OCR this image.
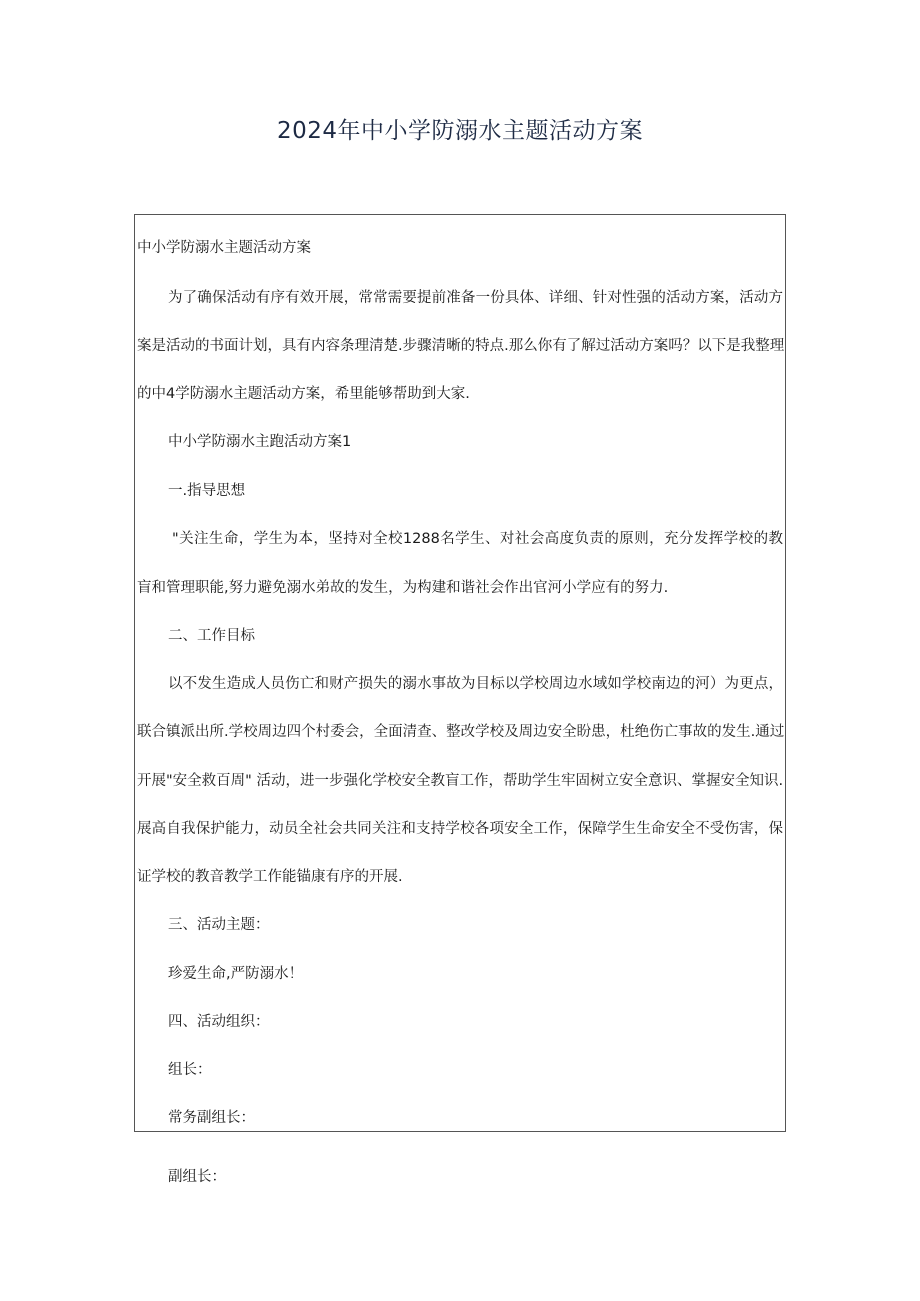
2024年中小学防溺水主题活动方案

中小学防溺水主题活动方案

为了确保活动有序有效开展，常常需要提前准备一份具体、详细、针对性强的活动方案，活动方

案是活动的书面计划，具有内容条理清楚.步骤清晰的特点.那么你有了解过活动方案吗？以下是我整理

的中4学防溺水主题活动方案，希里能够帮助到大家.

中小学防溺水主跑活动方案1

一.指导思想

"关注生命，学生为本，坚持对全校1288名学生、对社会高度负责的原则，充分发挥学校的教

盲和管理职能,努力避免溺水弟故的发生，为构建和谐社会作出官河小学应有的努力.

二、工作目标

以不发生造成人员伤亡和财产损失的溺水事故为目标以学校周边水域如学校南边的河）为更点，

联合镇派出所.学校周边四个村委会，全面清查、整改学校及周边安全盼患，杜绝伤亡事故的发生.通过

开展"安全救百周" 活动，进一步强化学校安全教盲工作，帮助学生牢固树立安全意识、掌握安全知识.

展高自我保护能力，动员全社会共同关注和支持学校各项安全工作，保障学生生命安全不受伤害，保

证学校的教音教学工作能锚康有序的开展.

三、活动主题：

珍爱生命,严防溺水！

四、活动组织：

组长：

常务副组长：

副组长：
